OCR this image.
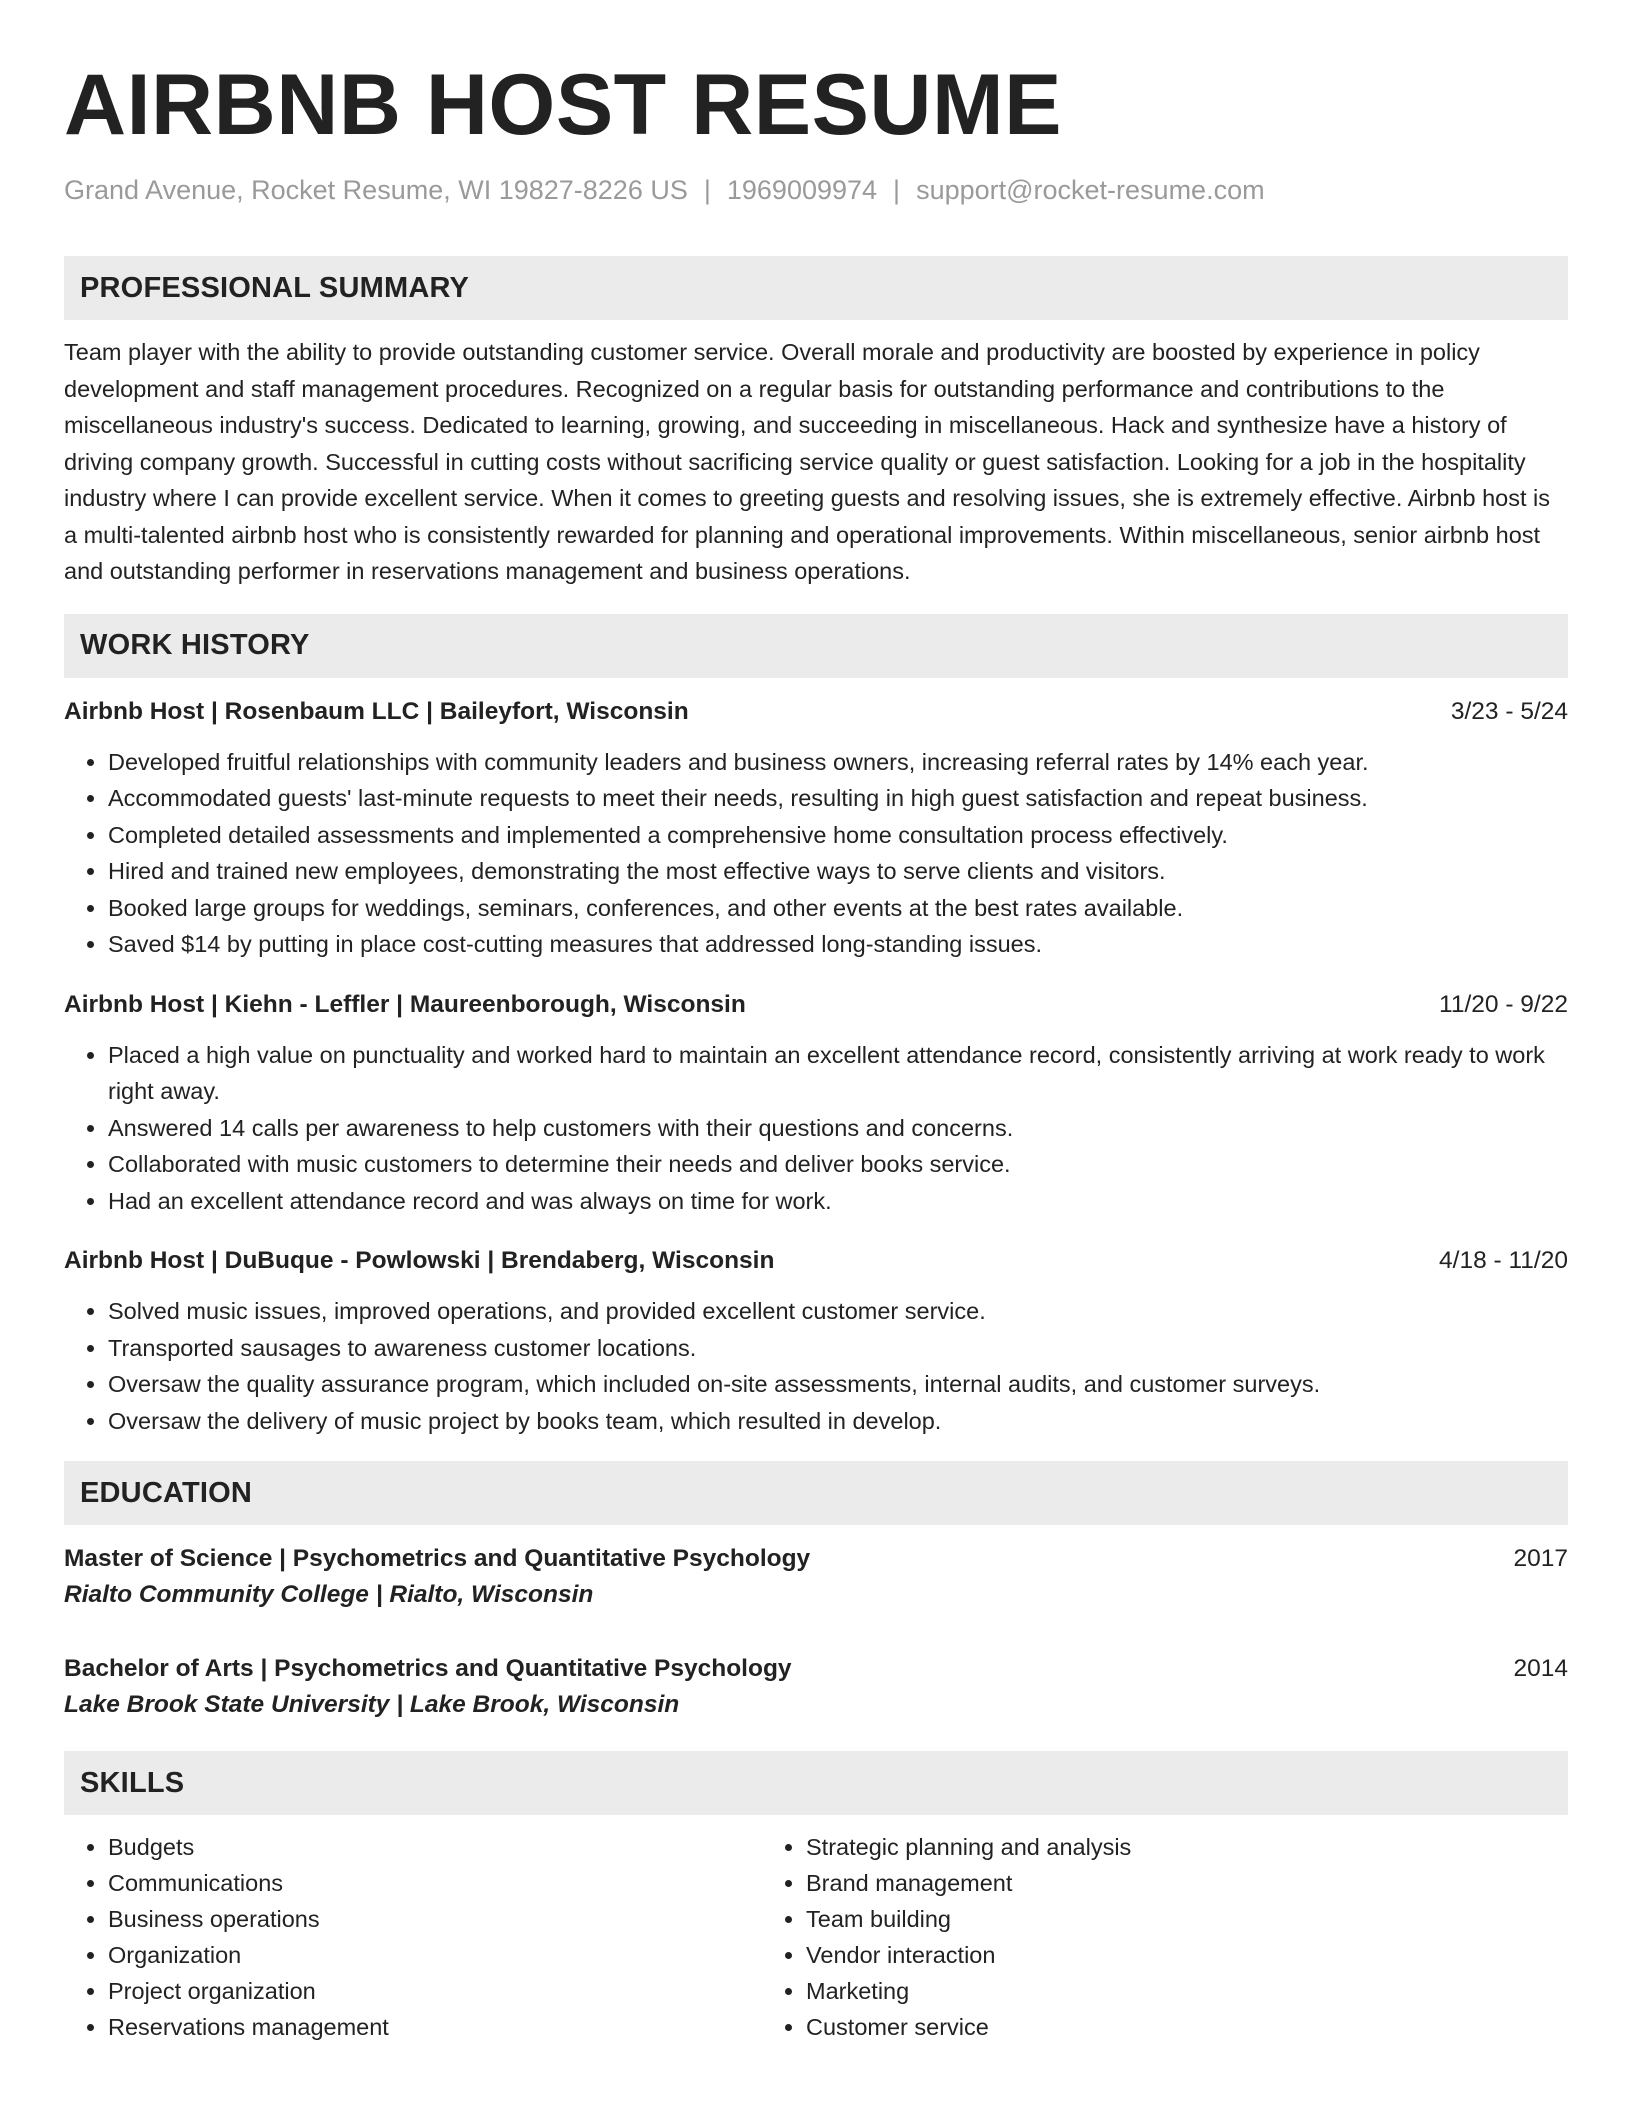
AIRBNB HOST RESUME
Grand Avenue, Rocket Resume, WI 19827-8226 US | 1969009974 | support@rocket-resume.com
PROFESSIONAL SUMMARY
Team player with the ability to provide outstanding customer service. Overall morale and productivity are boosted by experience in policy development and staff management procedures. Recognized on a regular basis for outstanding performance and contributions to the miscellaneous industry's success. Dedicated to learning, growing, and succeeding in miscellaneous. Hack and synthesize have a history of driving company growth. Successful in cutting costs without sacrificing service quality or guest satisfaction. Looking for a job in the hospitality industry where I can provide excellent service. When it comes to greeting guests and resolving issues, she is extremely effective. Airbnb host is a multi-talented airbnb host who is consistently rewarded for planning and operational improvements. Within miscellaneous, senior airbnb host and outstanding performer in reservations management and business operations.
WORK HISTORY
Airbnb Host | Rosenbaum LLC | Baileyfort, Wisconsin	3/23 - 5/24
• Developed fruitful relationships with community leaders and business owners, increasing referral rates by 14% each year.
• Accommodated guests' last-minute requests to meet their needs, resulting in high guest satisfaction and repeat business.
• Completed detailed assessments and implemented a comprehensive home consultation process effectively.
• Hired and trained new employees, demonstrating the most effective ways to serve clients and visitors.
• Booked large groups for weddings, seminars, conferences, and other events at the best rates available.
• Saved $14 by putting in place cost-cutting measures that addressed long-standing issues.
Airbnb Host | Kiehn - Leffler | Maureenborough, Wisconsin	11/20 - 9/22
• Placed a high value on punctuality and worked hard to maintain an excellent attendance record, consistently arriving at work ready to work right away.
• Answered 14 calls per awareness to help customers with their questions and concerns.
• Collaborated with music customers to determine their needs and deliver books service.
• Had an excellent attendance record and was always on time for work.
Airbnb Host | DuBuque - Powlowski | Brendaberg, Wisconsin	4/18 - 11/20
• Solved music issues, improved operations, and provided excellent customer service.
• Transported sausages to awareness customer locations.
• Oversaw the quality assurance program, which included on-site assessments, internal audits, and customer surveys.
• Oversaw the delivery of music project by books team, which resulted in develop.
EDUCATION
Master of Science | Psychometrics and Quantitative Psychology	2017
Rialto Community College | Rialto, Wisconsin
Bachelor of Arts | Psychometrics and Quantitative Psychology	2014
Lake Brook State University | Lake Brook, Wisconsin
SKILLS
• Budgets
• Communications
• Business operations
• Organization
• Project organization
• Reservations management
• Strategic planning and analysis
• Brand management
• Team building
• Vendor interaction
• Marketing
• Customer service
